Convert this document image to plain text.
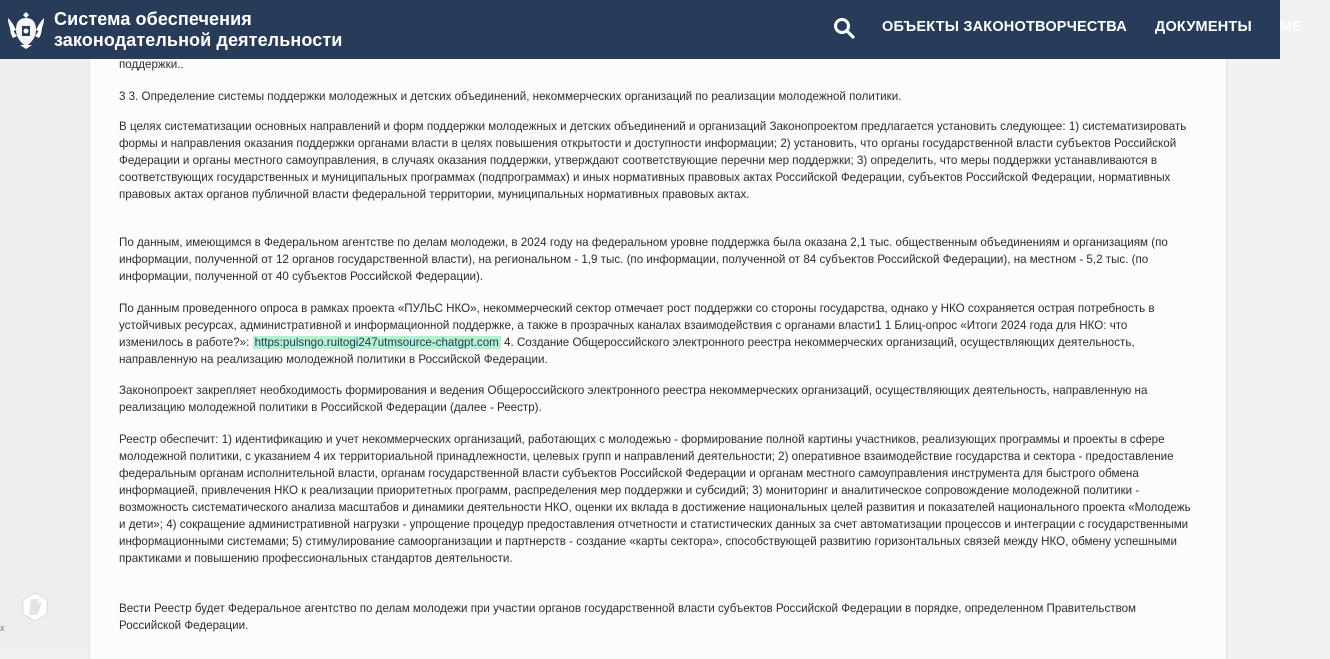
Система обеспечения
законодательной деятельности
ОБЪЕКТЫ ЗАКОНОТВОРЧЕСТВА ДОКУМЕНТЫ МЕ
x

поддержки..

3 3. Определение системы поддержки молодежных и детских объединений, некоммерческих организаций по реализации молодежной политики.

В целях систематизации основных направлений и форм поддержки молодежных и детских объединений и организаций Законопроектом предлагается установить следующее: 1) систематизировать формы и направления оказания поддержки органами власти в целях повышения открытости и доступности информации; 2) установить, что органы государственной власти субъектов Российской Федерации и органы местного самоуправления, в случаях оказания поддержки, утверждают соответствующие перечни мер поддержки; 3) определить, что меры поддержки устанавливаются в соответствующих государственных и муниципальных программах (подпрограммах) и иных нормативных правовых актах Российской Федерации, субъектов Российской Федерации, нормативных правовых актах органов публичной власти федеральной территории, муниципальных нормативных правовых актах.

По данным, имеющимся в Федеральном агентстве по делам молодежи, в 2024 году на федеральном уровне поддержка была оказана 2,1 тыс. общественным объединениям и организациям (по информации, полученной от 12 органов государственной власти), на региональном - 1,9 тыс. (по информации, полученной от 84 субъектов Российской Федерации), на местном - 5,2 тыс. (по информации, полученной от 40 субъектов Российской Федерации).

По данным проведенного опроса в рамках проекта «ПУЛЬС НКО», некоммерческий сектор отмечает рост поддержки со стороны государства, однако у НКО сохраняется острая потребность в устойчивых ресурсах, административной и информационной поддержке, а также в прозрачных каналах взаимодействия с органами власти1 1 Блиц-опрос «Итоги 2024 года для НКО: что изменилось в работе?»: https:pulsngo.ruitogi247utmsource-chatgpt.com 4. Создание Общероссийского электронного реестра некоммерческих организаций, осуществляющих деятельность, направленную на реализацию молодежной политики в Российской Федерации.

Законопроект закрепляет необходимость формирования и ведения Общероссийского электронного реестра некоммерческих организаций, осуществляющих деятельность, направленную на реализацию молодежной политики в Российской Федерации (далее - Реестр).

Реестр обеспечит: 1) идентификацию и учет некоммерческих организаций, работающих с молодежью - формирование полной картины участников, реализующих программы и проекты в сфере молодежной политики, с указанием 4 их территориальной принадлежности, целевых групп и направлений деятельности; 2) оперативное взаимодействие государства и сектора - предоставление федеральным органам исполнительной власти, органам государственной власти субъектов Российской Федерации и органам местного самоуправления инструмента для быстрого обмена информацией, привлечения НКО к реализации приоритетных программ, распределения мер поддержки и субсидий; 3) мониторинг и аналитическое сопровождение молодежной политики - возможность систематического анализа масштабов и динамики деятельности НКО, оценки их вклада в достижение национальных целей развития и показателей национального проекта «Молодежь и дети»; 4) сокращение административной нагрузки - упрощение процедур предоставления отчетности и статистических данных за счет автоматизации процессов и интеграции с государственными информационными системами; 5) стимулирование самоорганизации и партнерств - создание «карты сектора», способствующей развитию горизонтальных связей между НКО, обмену успешными практиками и повышению профессиональных стандартов деятельности.

Вести Реестр будет Федеральное агентство по делам молодежи при участии органов государственной власти субъектов Российской Федерации в порядке, определенном Правительством Российской Федерации.
